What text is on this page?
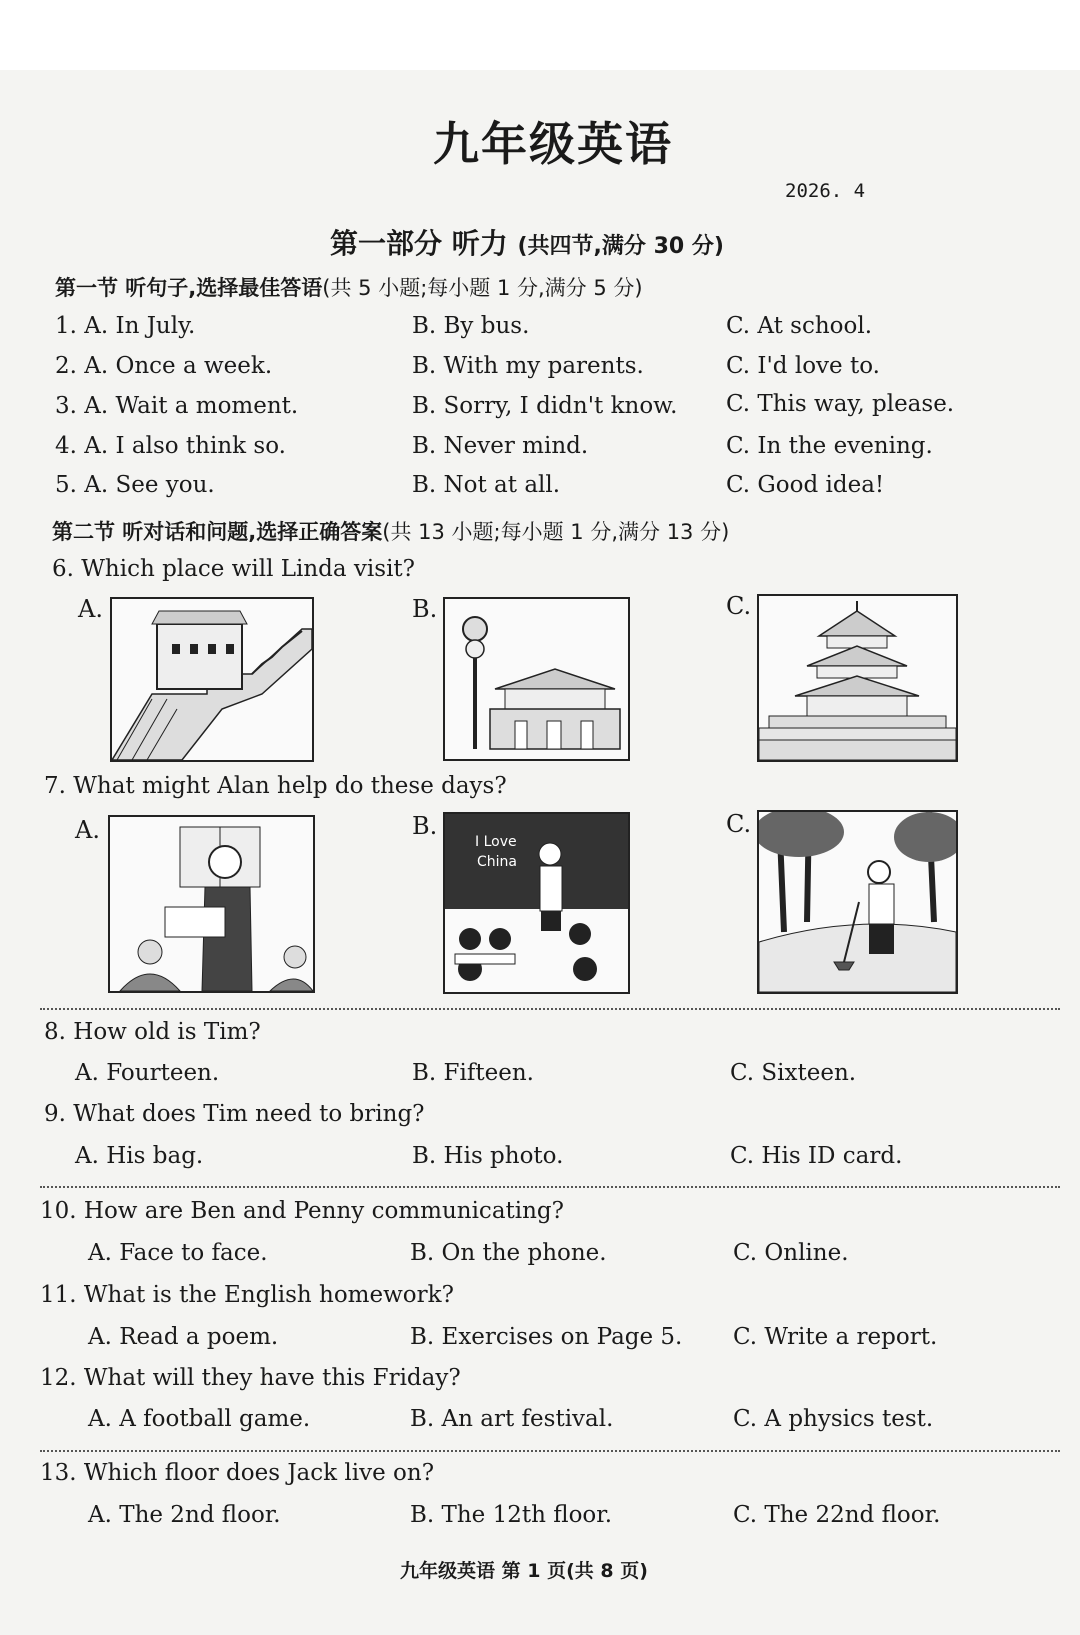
九年级英语
2026. 4
第一部分 听力 (共四节,满分 30 分)
第一节 听句子,选择最佳答语(共 5 小题;每小题 1 分,满分 5 分)
1. A. In July.	B. By bus.	C. At school.
2. A. Once a week.	B. With my parents.	C. I'd love to.
3. A. Wait a moment.	B. Sorry, I didn't know. C. This way, please.
4. A. I also think so.	B. Never mind.	C. In the evening.
5. A. See you.	B. Not at all.	C. Good idea!
第二节 听对话和问题,选择正确答案(共 13 小题;每小题 1 分,满分 13 分)
6. Which place will Linda visit?
A.	B.	C.
7. What might Alan help do these days?
A.	B.	C.
I Love
China
8. How old is Tim?
A. Fourteen.	B. Fifteen.	C. Sixteen.
9. What does Tim need to bring?
A. His bag.	B. His photo.	C. His ID card.
10. How are Ben and Penny communicating?
A. Face to face.	B. On the phone.	C. Online.
11. What is the English homework?
A. Read a poem.	B. Exercises on Page 5. C. Write a report.
12. What will they have this Friday?
A. A football game.	B. An art festival.	C. A physics test.
13. Which floor does Jack live on?
A. The 2nd floor.	B. The 12th floor.	C. The 22nd floor.
九年级英语 第 1 页(共 8 页)
